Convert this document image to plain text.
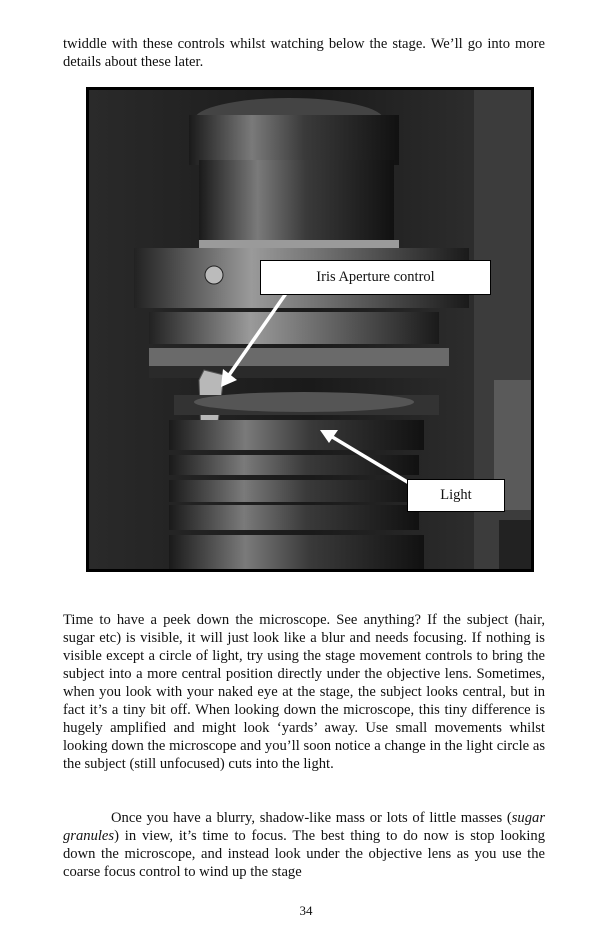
twiddle with these controls whilst watching below the stage. We’ll go into more details about these later.

Iris Aperture control
Light

Time to have a peek down the microscope. See anything? If the subject (hair, sugar etc) is visible, it will just look like a blur and needs focusing. If nothing is visible except a circle of light, try using the stage movement controls to bring the subject into a more central position directly under the objective lens. Sometimes, when you look with your naked eye at the stage, the subject looks central, but in fact it’s a tiny bit off. When looking down the microscope, this tiny difference is hugely amplified and might look ‘yards’ away. Use small movements whilst looking down the microscope and you’ll soon notice a change in the light circle as the subject (still unfocused) cuts into the light.

Once you have a blurry, shadow-like mass or lots of little masses (sugar granules) in view, it’s time to focus. The best thing to do now is stop looking down the microscope, and instead look under the objective lens as you use the coarse focus control to wind up the stage

34
